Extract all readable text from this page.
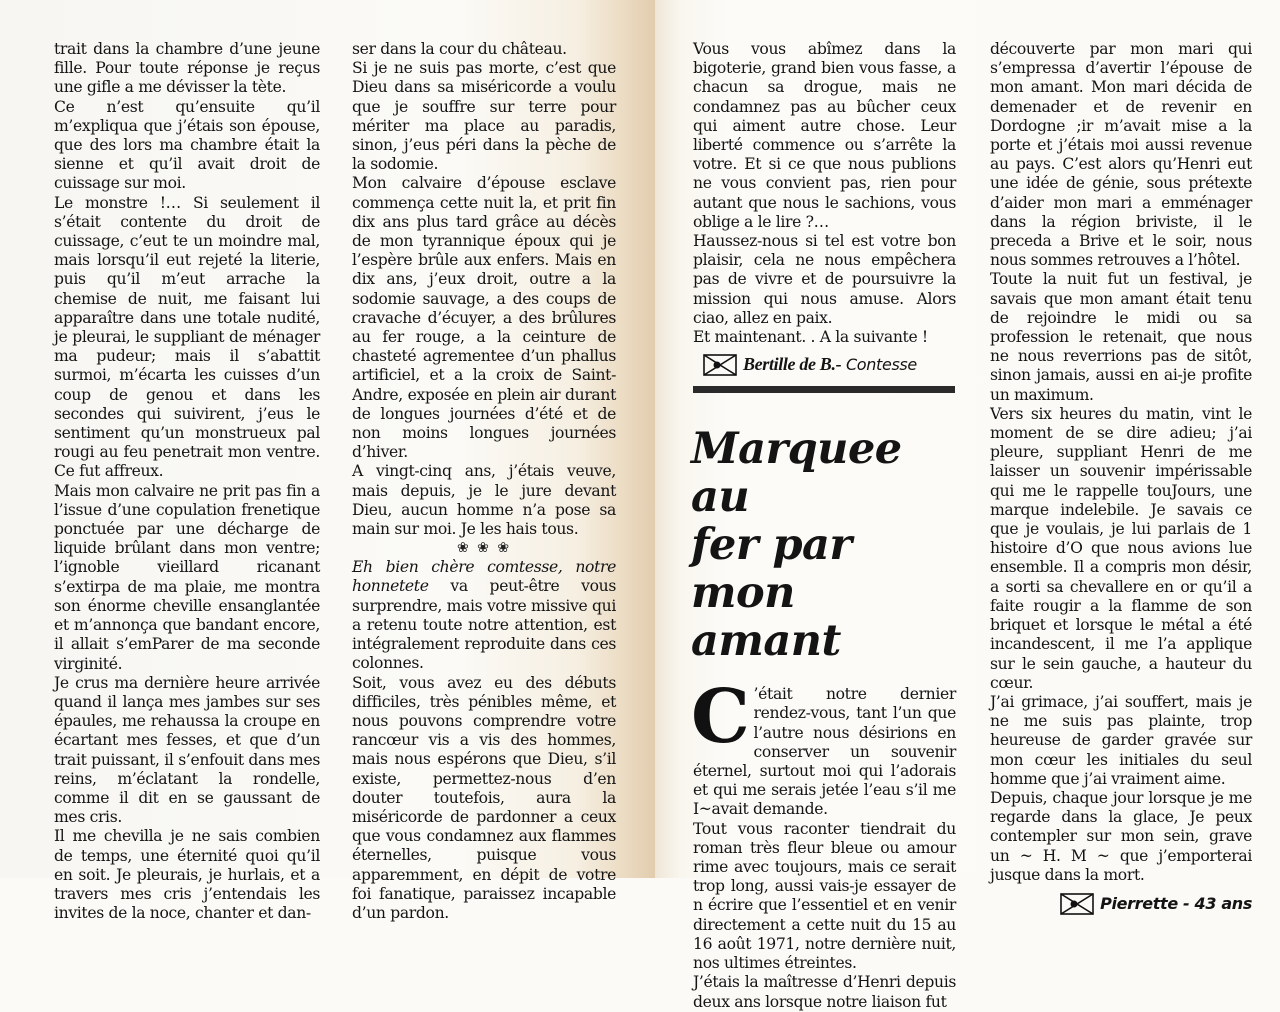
trait dans la chambre d’une jeune fille. Pour toute réponse je reçus une gifle a me dévisser la tète.

Ce n’est qu’ensuite qu’il m’expliqua que j’étais son épouse, que des lors ma chambre était la sienne et qu’il avait droit de cuissage sur moi.

Le monstre !… Si seulement il s’était contente du droit de cuissage, c’eut te un moindre mal, mais lorsqu’il eut rejeté la literie, puis qu’il m’eut arrache la chemise de nuit, me faisant lui apparaître dans une totale nudité, je pleurai, le suppliant de ménager ma pudeur; mais il s’abattit surmoi, m’écarta les cuisses d’un coup de genou et dans les secondes qui suivirent, j’eus le sentiment qu’un monstrueux pal rougi au feu penetrait mon ventre. Ce fut affreux.

Mais mon calvaire ne prit pas fin a l’issue d’une copulation frenetique ponctuée par une décharge de liquide brûlant dans mon ventre; l’ignoble vieillard ricanant s’extirpa de ma plaie, me montra son énorme cheville ensanglantée et m’annonça que bandant encore, il allait s’emParer de ma seconde virginité.

Je crus ma dernière heure arrivée quand il lança mes jambes sur ses épaules, me rehaussa la croupe en écartant mes fesses, et que d’un trait puissant, il s’enfouit dans mes reins, m’éclatant la rondelle, comme il dit en se gaussant de mes cris.

Il me chevilla je ne sais combien de temps, une éternité quoi qu’il en soit. Je pleurais, je hurlais, et a travers mes cris j’entendais les invites de la noce, chanter et dan-

ser dans la cour du château.

Si je ne suis pas morte, c’est que Dieu dans sa miséricorde a voulu que je souffre sur terre pour mériter ma place au paradis, sinon, j’eus péri dans la pèche de la sodomie.

Mon calvaire d’épouse esclave commença cette nuit la, et prit fin dix ans plus tard grâce au décès de mon tyrannique époux qui je l’espère brûle aux enfers. Mais en dix ans, j’eux droit, outre a la sodomie sauvage, a des coups de cravache d’écuyer, a des brûlures au fer rouge, a la ceinture de chasteté agrementee d’un phallus artificiel, et a la croix de Saint-Andre, exposée en plein air durant de longues journées d’été et de non moins longues journées d’hiver.

A vingt-cinq ans, j’étais veuve, mais depuis, je le jure devant Dieu, aucun homme n’a pose sa main sur moi. Je les hais tous.

❀ ❀ ❀

Eh bien chère comtesse, notre honnetete va peut-être vous surprendre, mais votre missive qui a retenu toute notre attention, est intégralement reproduite dans ces colonnes.

Soit, vous avez eu des débuts difficiles, très pénibles même, et nous pouvons comprendre votre rancœur vis a vis des hommes, mais nous espérons que Dieu, s’il existe, permettez-nous d’en douter toutefois, aura la miséricorde de pardonner a ceux que vous condamnez aux flammes éternelles, puisque vous apparemment, en dépit de votre foi fanatique, paraissez incapable d’un pardon.

Vous vous abîmez dans la bigoterie, grand bien vous fasse, a chacun sa drogue, mais ne condamnez pas au bûcher ceux qui aiment autre chose. Leur liberté commence ou s’arrête la votre. Et si ce que nous publions ne vous convient pas, rien pour autant que nous le sachions, vous oblige a le lire ?…

Haussez-nous si tel est votre bon plaisir, cela ne nous empêchera pas de vivre et de poursuivre la mission qui nous amuse. Alors ciao, allez en paix.

Et maintenant. . A la suivante !

Bertille de B.- Contesse
Marquee au
fer par
mon amant

C ’était notre dernier rendez-vous, tant l’un que l’autre nous désirions en conserver un souvenir éternel, surtout moi qui l’adorais et qui me serais jetée l’eau s’il me I~avait demande.

Tout vous raconter tiendrait du roman très fleur bleue ou amour rime avec toujours, mais ce serait trop long, aussi vais-je essayer de n écrire que l’essentiel et en venir directement a cette nuit du 15 au 16 août 1971, notre dernière nuit, nos ultimes étreintes.

J’étais la maîtresse d’Henri depuis deux ans lorsque notre liaison fut

découverte par mon mari qui s’empressa d’avertir l’épouse de mon amant. Mon mari décida de demenader et de revenir en Dordogne ;ir m’avait mise a la porte et j’étais moi aussi revenue au pays. C’est alors qu’Henri eut une idée de génie, sous prétexte d’aider mon mari a emménager dans la région briviste, il le preceda a Brive et le soir, nous nous sommes retrouves a l’hôtel.

Toute la nuit fut un festival, je savais que mon amant était tenu de rejoindre le midi ou sa profession le retenait, que nous ne nous reverrions pas de sitôt, sinon jamais, aussi en ai-je profite un maximum.

Vers six heures du matin, vint le moment de se dire adieu; j’ai pleure, suppliant Henri de me laisser un souvenir impérissable qui me le rappelle touJours, une marque indelebile. Je savais ce que je voulais, je lui parlais de 1 histoire d’O que nous avions lue ensemble. Il a compris mon désir, a sorti sa chevallere en or qu’il a faite rougir a la flamme de son briquet et lorsque le métal a été incandescent, il me l’a applique sur le sein gauche, a hauteur du cœur.

J’ai grimace, j’ai souffert, mais je ne me suis pas plainte, trop heureuse de garder gravée sur mon cœur les initiales du seul homme que j’ai vraiment aime.

Depuis, chaque jour lorsque je me regarde dans la glace, Je peux contempler sur mon sein, grave un ~ H. M ~ que j’emporterai jusque dans la mort.

Pierrette - 43 ans
